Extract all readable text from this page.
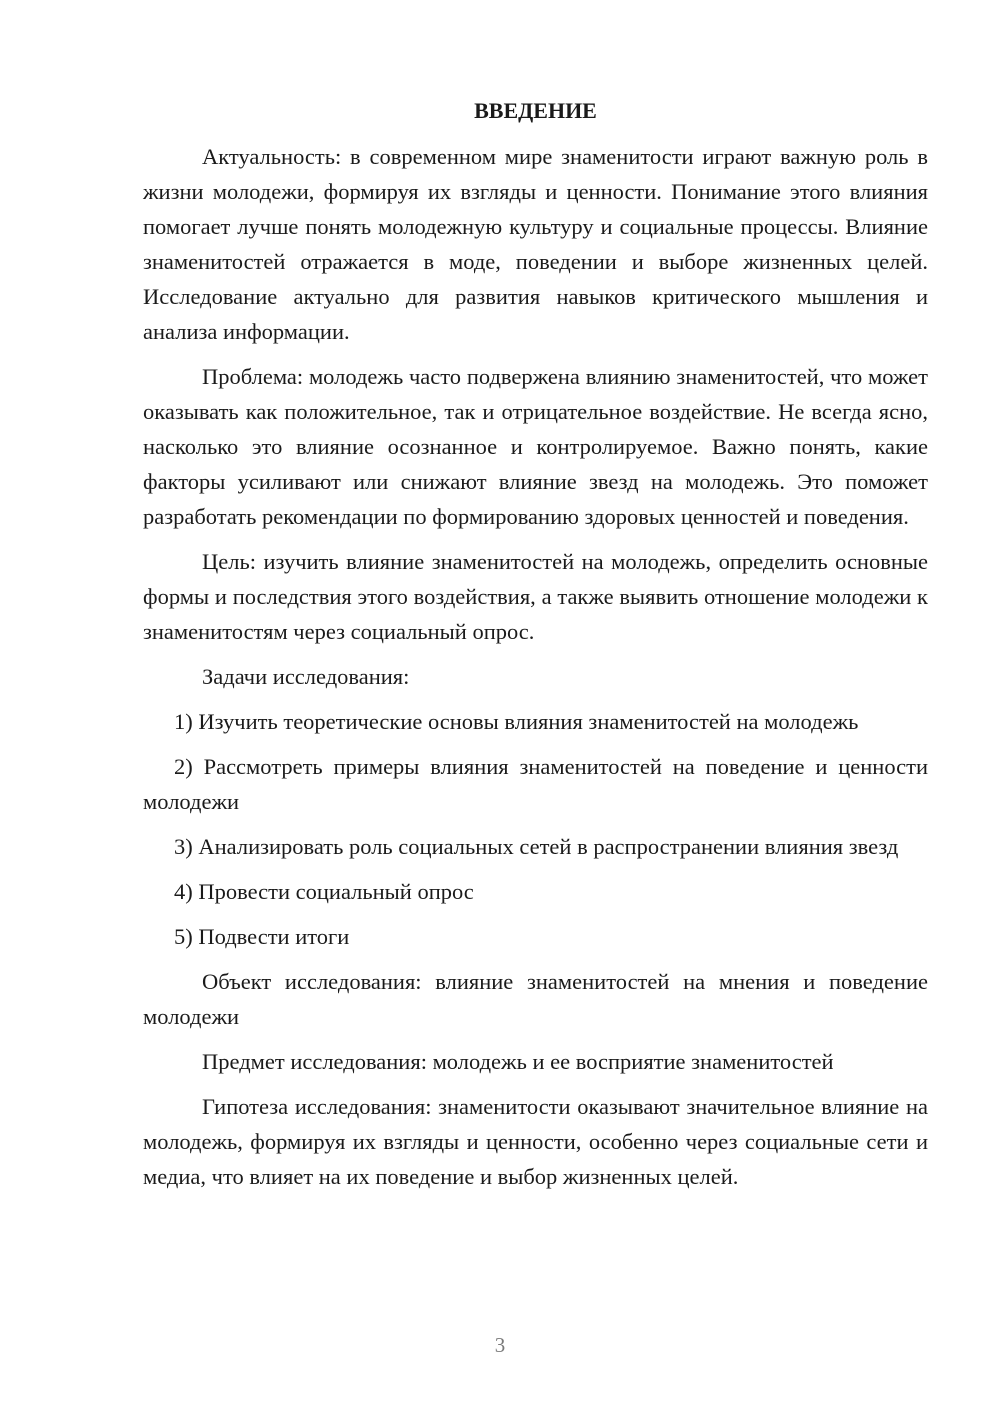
ВВЕДЕНИЕ

Актуальность: в современном мире знаменитости играют важную роль в жизни молодежи, формируя их взгляды и ценности. Понимание этого влияния помогает лучше понять молодежную культуру и социальные процессы. Влияние знаменитостей отражается в моде, поведении и выборе жизненных целей. Исследование актуально для развития навыков критического мышления и анализа информации.

Проблема: молодежь часто подвержена влиянию знаменитостей, что может оказывать как положительное, так и отрицательное воздействие. Не всегда ясно, насколько это влияние осознанное и контролируемое. Важно понять, какие факторы усиливают или снижают влияние звезд на молодежь. Это поможет разработать рекомендации по формированию здоровых ценностей и поведения.

Цель: изучить влияние знаменитостей на молодежь, определить основные формы и последствия этого воздействия, а также выявить отношение молодежи к знаменитостям через социальный опрос.

Задачи исследования:

1) Изучить теоретические основы влияния знаменитостей на молодежь

2) Рассмотреть примеры влияния знаменитостей на поведение и ценности молодежи

3) Анализировать роль социальных сетей в распространении влияния звезд

4) Провести социальный опрос

5) Подвести итоги

Объект исследования: влияние знаменитостей на мнения и поведение молодежи

Предмет исследования: молодежь и ее восприятие знаменитостей

Гипотеза исследования: знаменитости оказывают значительное влияние на молодежь, формируя их взгляды и ценности, особенно через социальные сети и медиа, что влияет на их поведение и выбор жизненных целей.

3
